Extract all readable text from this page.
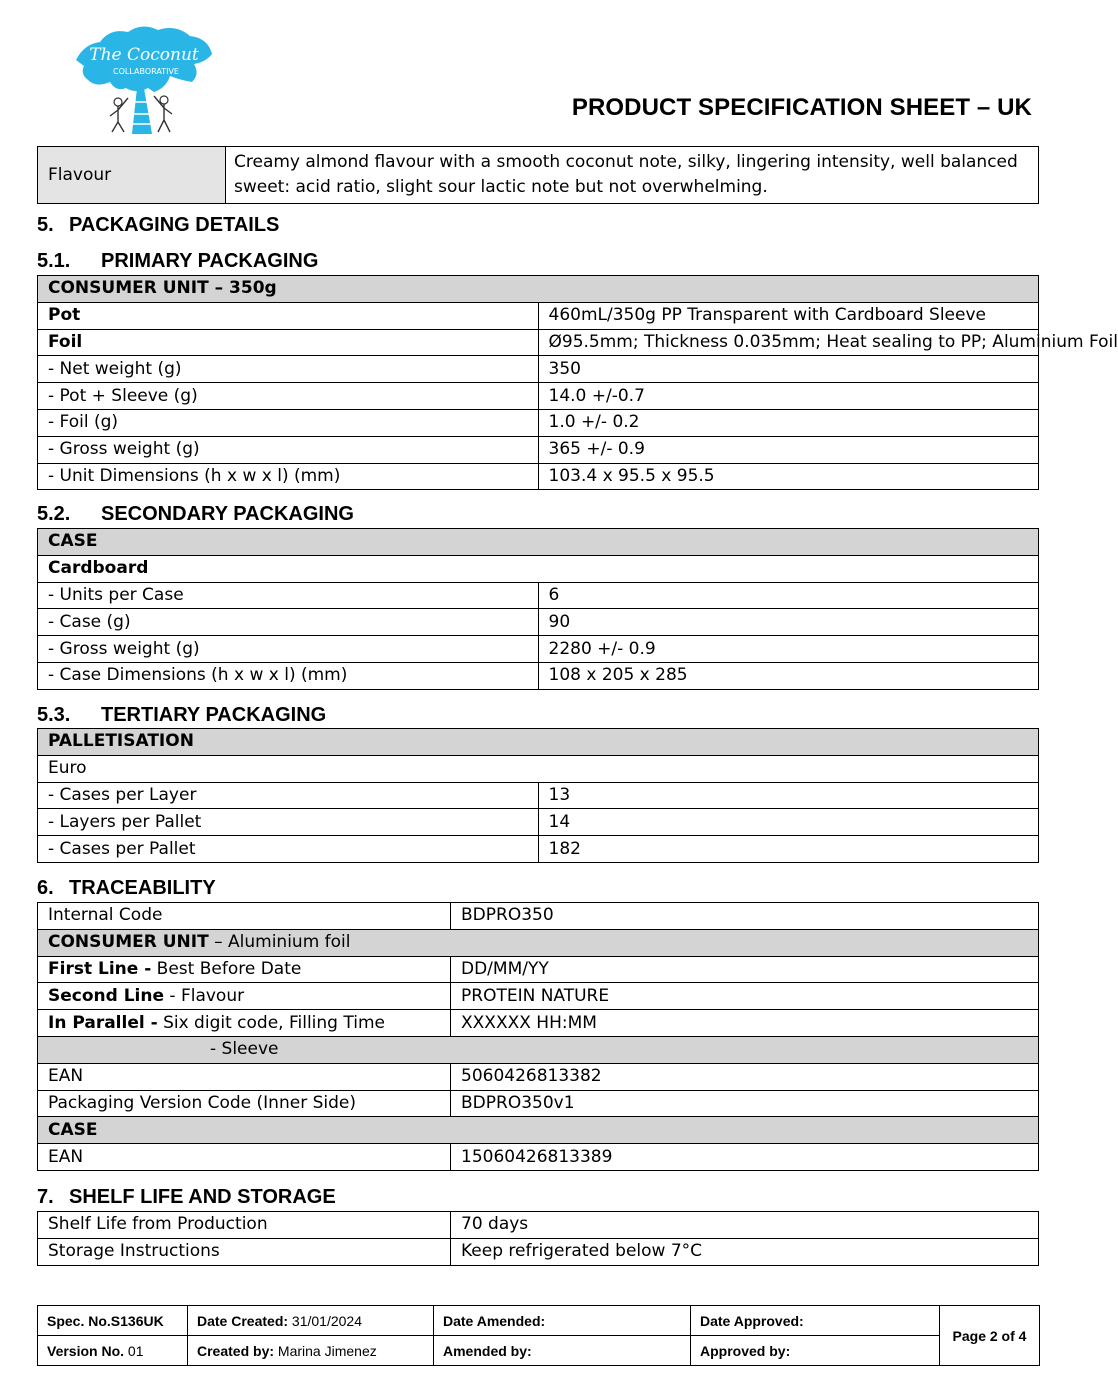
The Coconut
COLLABORATIVE
PRODUCT SPECIFICATION SHEET – UK
Flavour	Creamy almond flavour with a smooth coconut note, silky, lingering intensity, well balanced sweet: acid ratio, slight sour lactic note but not overwhelming.
5. PACKAGING DETAILS
5.1. PRIMARY PACKAGING
CONSUMER UNIT – 350g	
Pot	460mL/350g PP Transparent with Cardboard Sleeve
Foil	Ø95.5mm; Thickness 0.035mm; Heat sealing to PP; Aluminium Foil
- Net weight (g)	350
- Pot + Sleeve (g)	14.0 +/-0.7
- Foil (g)	1.0 +/- 0.2
- Gross weight (g)	365 +/- 0.9
- Unit Dimensions (h x w x l) (mm)	103.4 x 95.5 x 95.5
5.2. SECONDARY PACKAGING
CASE	
Cardboard	
- Units per Case	6
- Case (g)	90
- Gross weight (g)	2280 +/- 0.9
- Case Dimensions (h x w x l) (mm)	108 x 205 x 285
5.3. TERTIARY PACKAGING
PALLETISATION	
Euro	
- Cases per Layer	13
- Layers per Pallet	14
- Cases per Pallet	182
6. TRACEABILITY
Internal Code	BDPRO350
CONSUMER UNIT – Aluminium foil	
First Line - Best Before Date	DD/MM/YY
Second Line - Flavour	PROTEIN NATURE
In Parallel - Six digit code, Filling Time	XXXXXX HH:MM
- Sleeve	
EAN	5060426813382
Packaging Version Code (Inner Side)	BDPRO350v1
CASE	
EAN	15060426813389
7. SHELF LIFE AND STORAGE
Shelf Life from Production	70 days
Storage Instructions	Keep refrigerated below 7°C
Spec. No.S136UK	Date Created: 31/01/2024	Date Amended:	Date Approved:	Page 2 of 4
Version No. 01	Created by: Marina Jimenez	Amended by:	Approved by:	
